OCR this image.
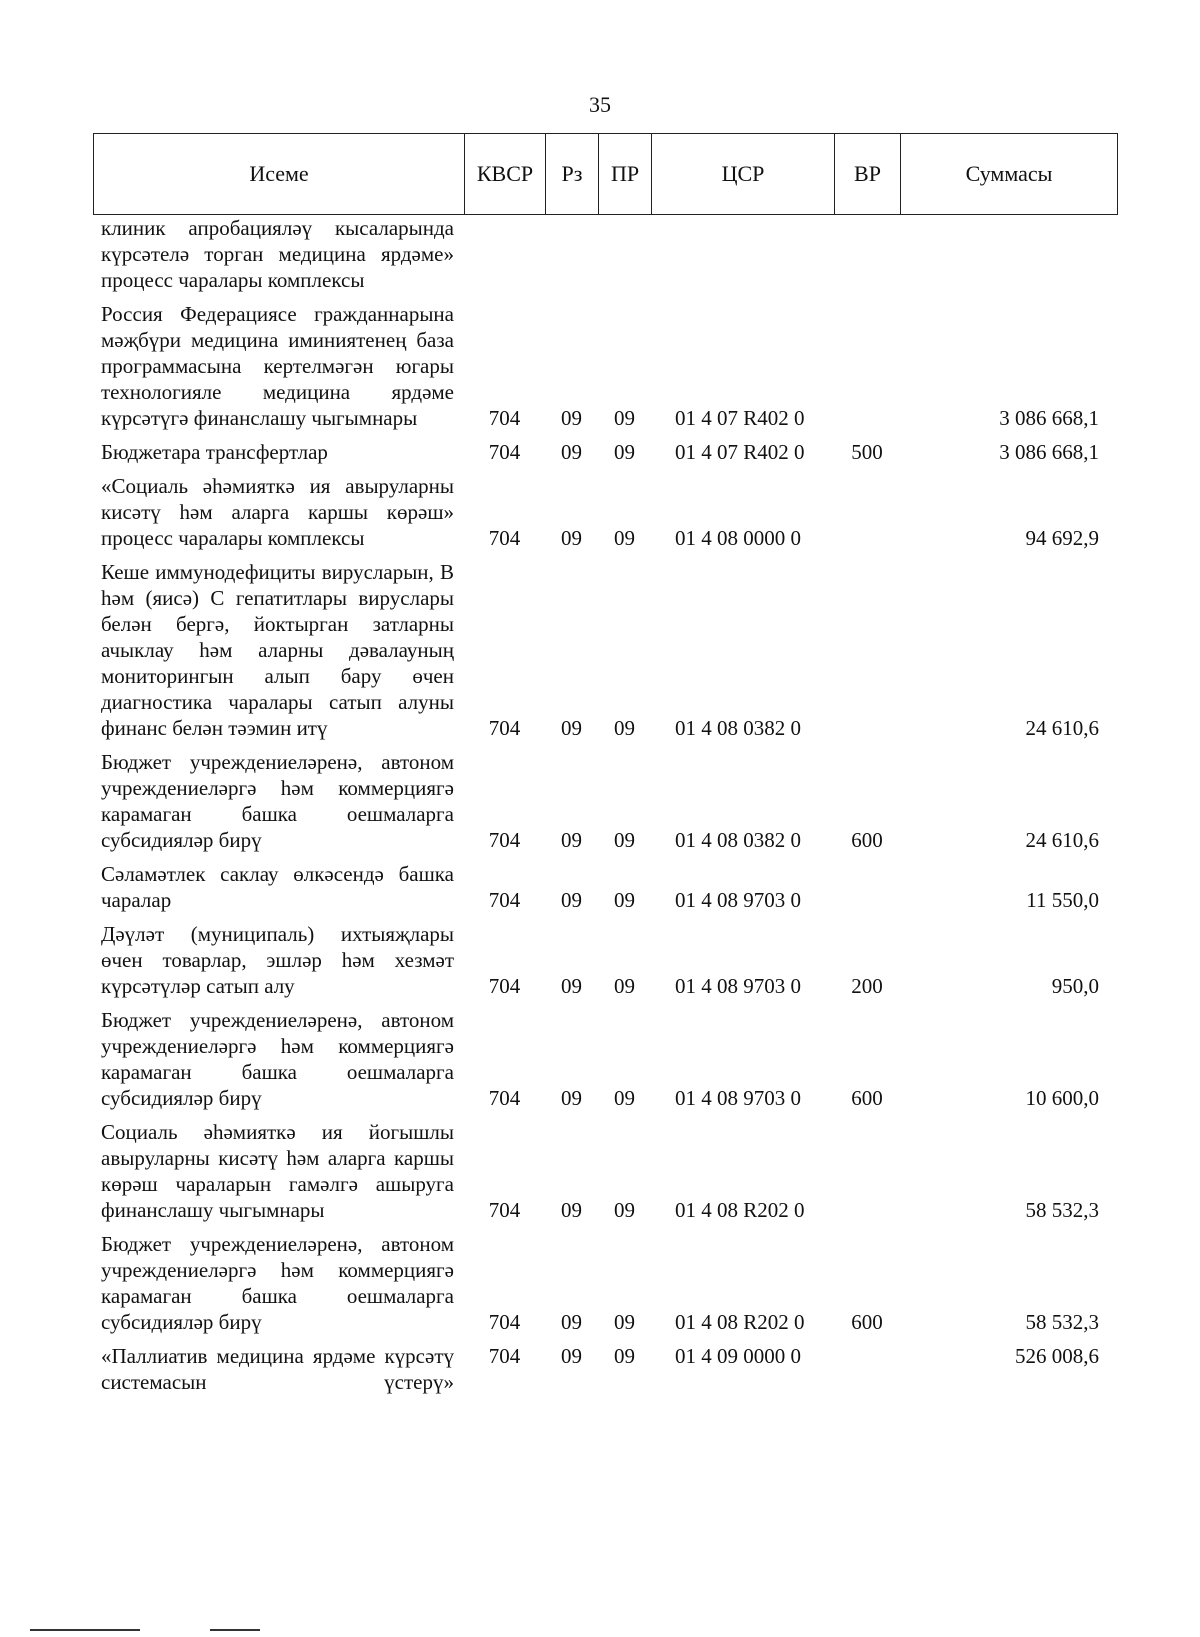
35
Исеме	КВСР	Рз	ПР	ЦСР	ВР	Суммасы
клиник апробациялəү кысаларында күрсəтелə торган медицина ярдəме» процесс чаралары комплексы						
Россия Федерациясе гражданнарына мəҗбүри медицина иминиятенең база программасына кертелмəгəн югары технологияле медицина ярдəме күрсəтүгə финанслашу чыгымнары	704	09	09	01 4 07 R402 0		3 086 668,1
Бюджетара трансфертлар	704	09	09	01 4 07 R402 0	500	3 086 668,1
«Социаль əһəмияткə ия авыруларны кисəтү һəм аларга каршы көрəш» процесс чаралары комплексы	704	09	09	01 4 08 0000 0		94 692,9
Кеше иммунодефициты вирусларын, B һəм (яисə) C гепатитлары вируслары белəн бергə, йоктырган затларны ачыклау һəм аларны дəвалауның мониторингын алып бару өчен диагностика чаралары сатып алуны финанс белəн тəэмин итү	704	09	09	01 4 08 0382 0		24 610,6
Бюджет учреждениелəренə, автоном учреждениелəргə һəм коммерциягə карамаган башка оешмаларга субсидиялəр бирү	704	09	09	01 4 08 0382 0	600	24 610,6
Сəламəтлек саклау өлкəсендə башка чаралар	704	09	09	01 4 08 9703 0		11 550,0
Дəүлəт (муниципаль) ихтыяҗлары өчен товарлар, эшлəр һəм хезмəт күрсəтүлəр сатып алу	704	09	09	01 4 08 9703 0	200	950,0
Бюджет учреждениелəренə, автоном учреждениелəргə һəм коммерциягə карамаган башка оешмаларга субсидиялəр бирү	704	09	09	01 4 08 9703 0	600	10 600,0
Социаль əһəмияткə ия йогышлы авыруларны кисəтү һəм аларга каршы көрəш чараларын гамəлгə ашыруга финанслашу чыгымнары	704	09	09	01 4 08 R202 0		58 532,3
Бюджет учреждениелəренə, автоном учреждениелəргə һəм коммерциягə карамаган башка оешмаларга субсидиялəр бирү	704	09	09	01 4 08 R202 0	600	58 532,3
«Паллиатив медицина ярдəме күрсəтү системасын үстерү»	704	09	09	01 4 09 0000 0		526 008,6
